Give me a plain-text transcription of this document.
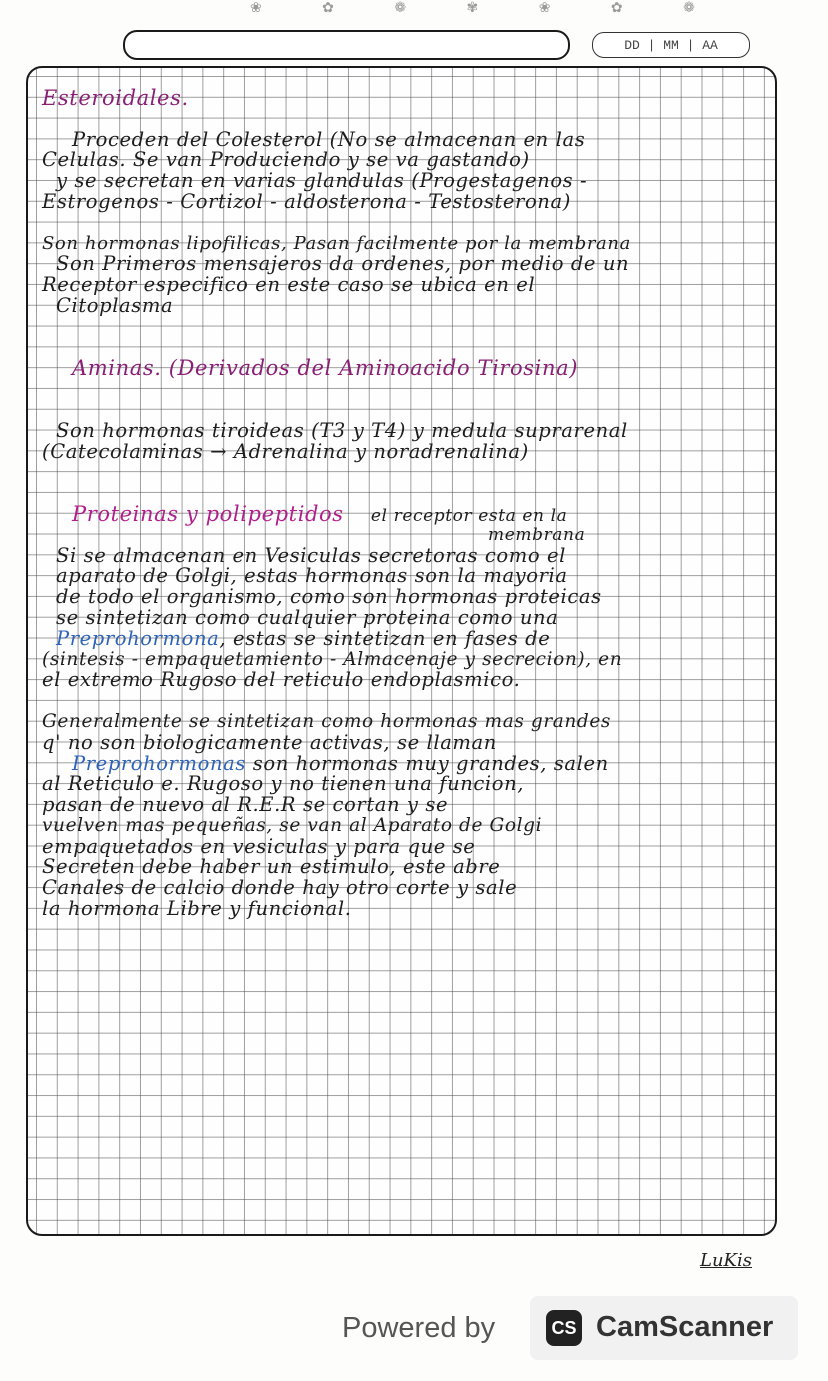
❀ ✿ ❁ ✾ ❀ ✿ ❁
DD | MM | AA
Esteroidales.
Proceden del Colesterol (No se almacenan en las
Celulas. Se van Produciendo y se va gastando)
y se secretan en varias glandulas (Progestagenos -
Estrogenos - Cortizol - aldosterona - Testosterona)
Son hormonas lipofilicas, Pasan facilmente por la membrana
Son Primeros mensajeros da ordenes, por medio de un
Receptor especifico en este caso se ubica en el
Citoplasma
Aminas. (Derivados del Aminoacido Tirosina)
Son hormonas tiroideas (T3 y T4) y medula suprarenal
(Catecolaminas → Adrenalina y noradrenalina)
Proteinas y polipeptidos el receptor esta en la
membrana
Si se almacenan en Vesiculas secretoras como el
aparato de Golgi, estas hormonas son la mayoria
de todo el organismo, como son hormonas proteicas
se sintetizan como cualquier proteina como una
Preprohormona, estas se sintetizan en fases de
(sintesis - empaquetamiento - Almacenaje y secrecion), en
el extremo Rugoso del reticulo endoplasmico.
Generalmente se sintetizan como hormonas mas grandes
q' no son biologicamente activas, se llaman
Preprohormonas son hormonas muy grandes, salen
al Reticulo e. Rugoso y no tienen una funcion,
pasan de nuevo al R.E.R se cortan y se
vuelven mas pequeñas, se van al Aparato de Golgi
empaquetados en vesiculas y para que se
Secreten debe haber un estimulo, este abre
Canales de calcio donde hay otro corte y sale
la hormona Libre y funcional.
LuKis
Powered by	CS CamScanner
